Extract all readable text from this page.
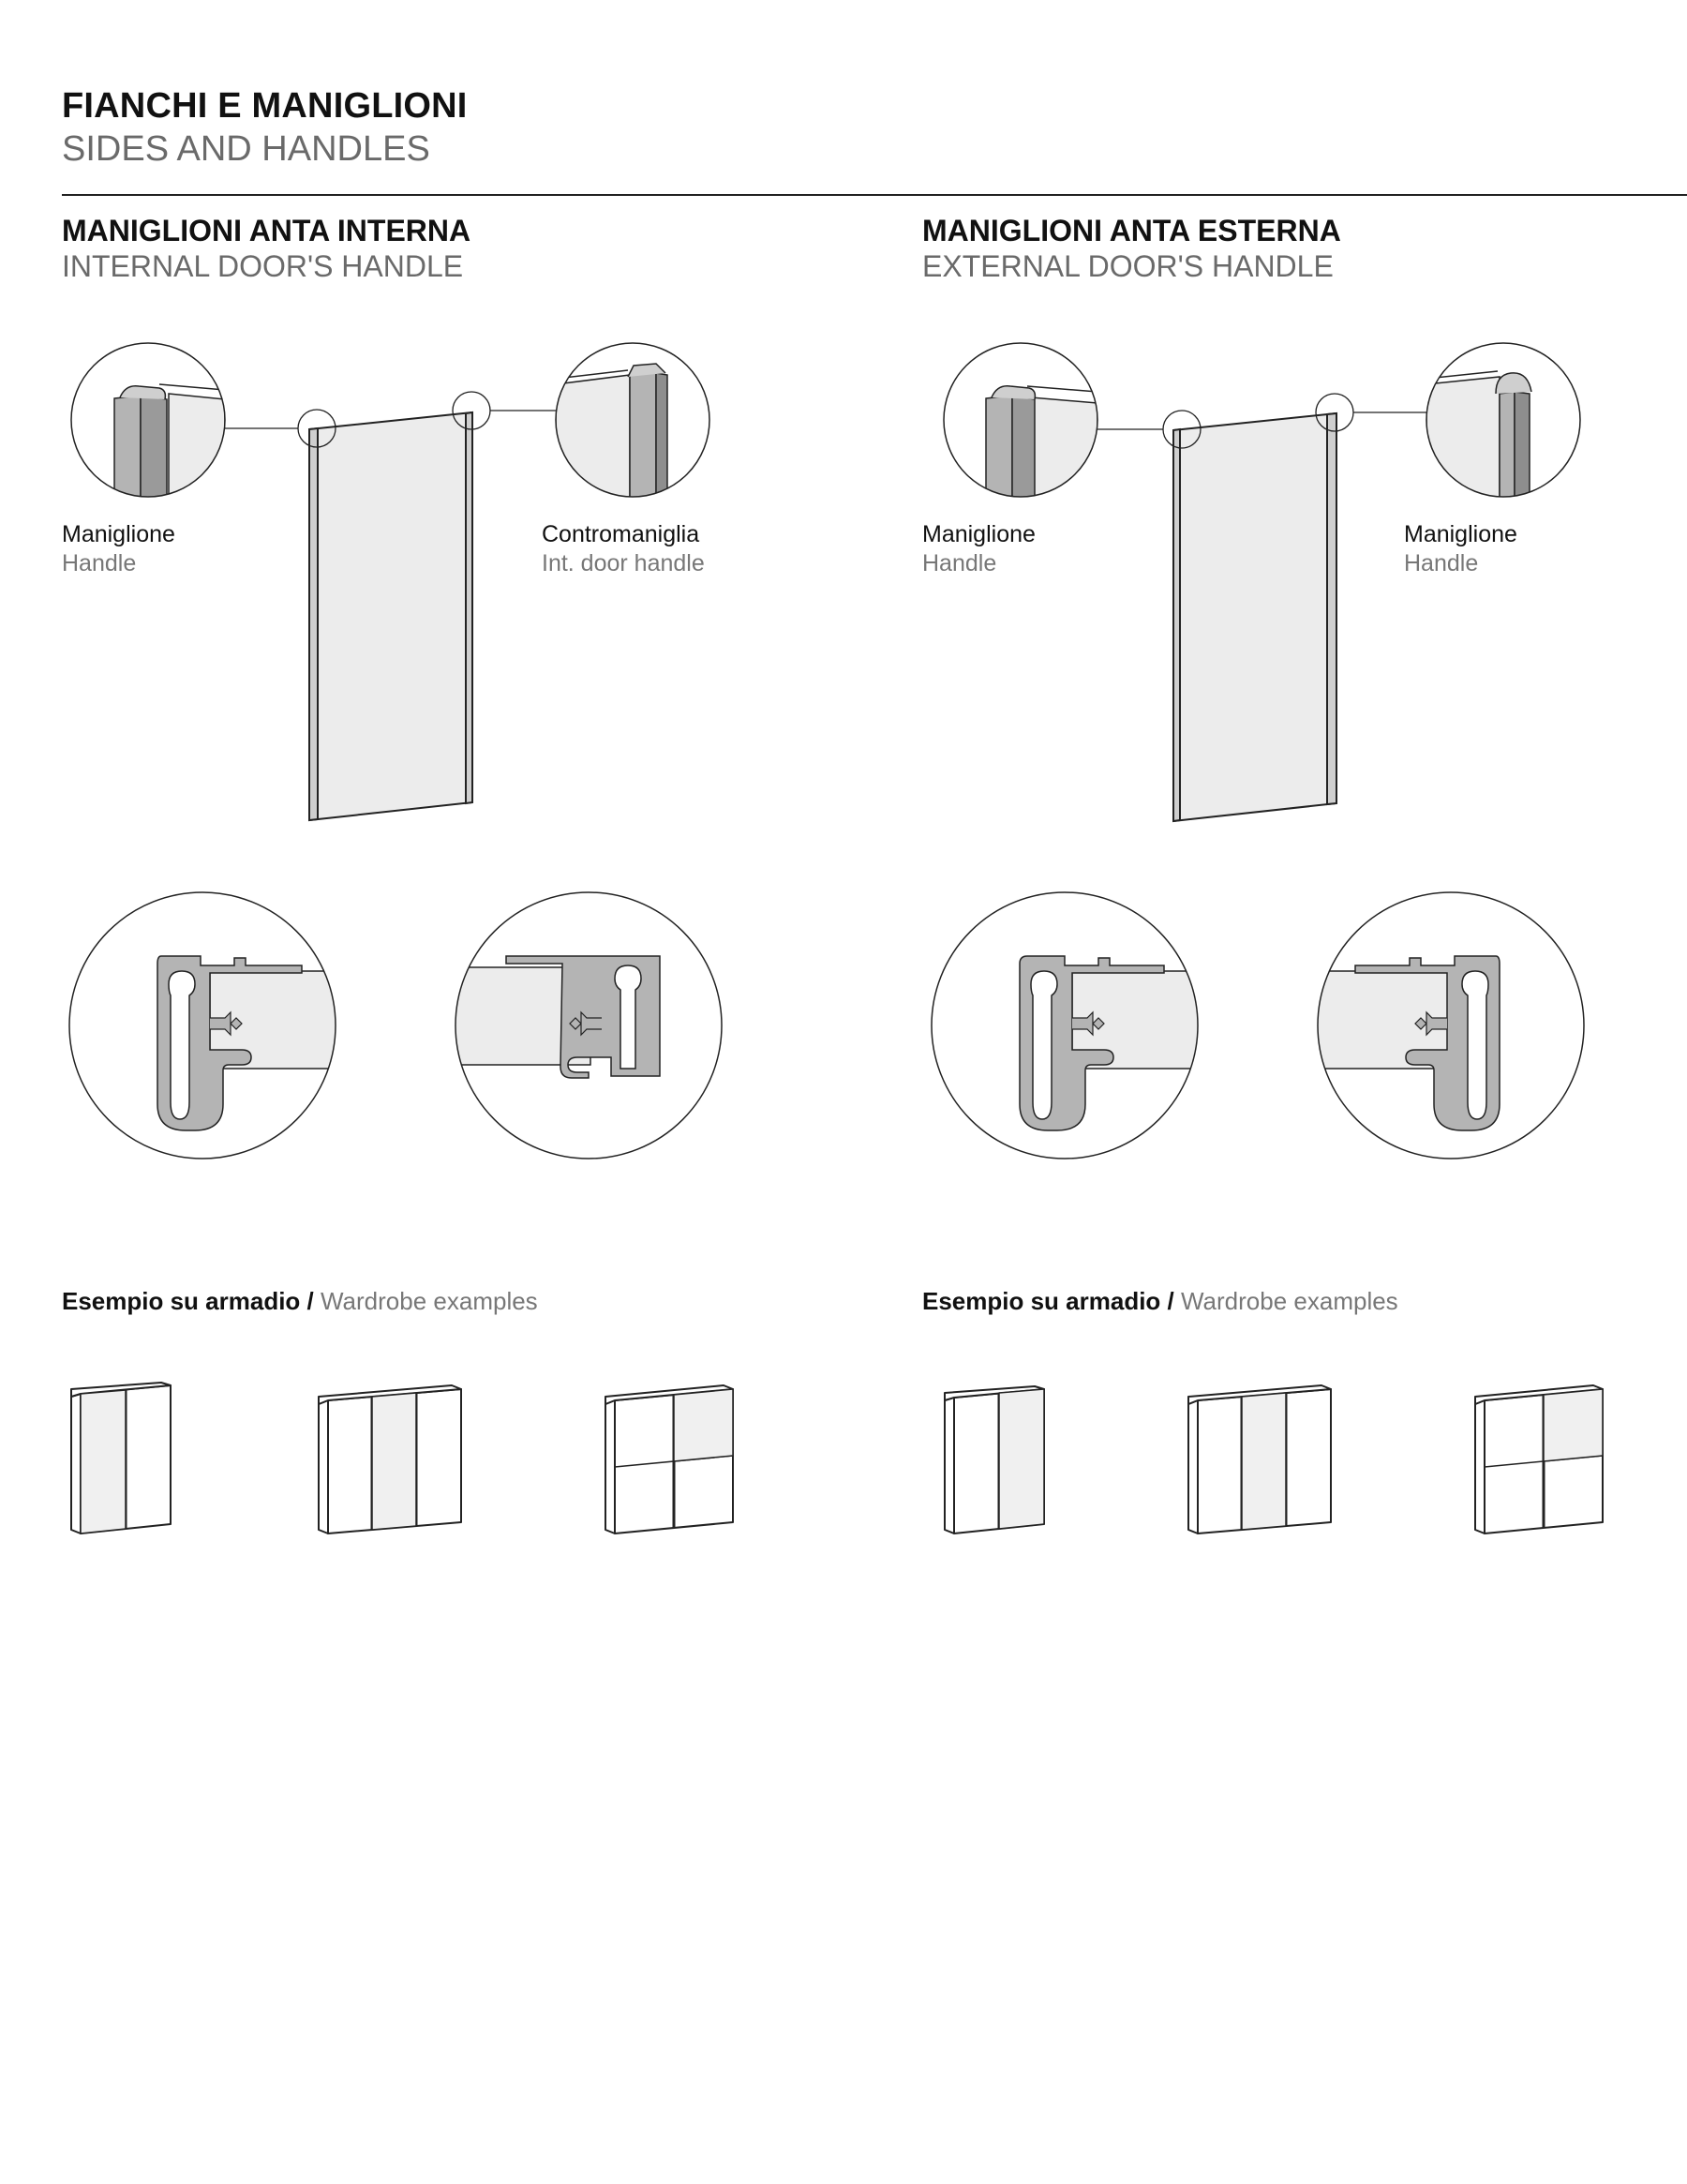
FIANCHI E MANIGLIONI
SIDES AND HANDLES
MANIGLIONI ANTA INTERNA
INTERNAL DOOR'S HANDLE
MANIGLIONI ANTA ESTERNA
EXTERNAL DOOR'S HANDLE
Maniglione
Handle
Contromaniglia
Int. door handle
Maniglione
Handle
Maniglione
Handle
Esempio su armadio / Wardrobe examples	Esempio su armadio / Wardrobe examples
